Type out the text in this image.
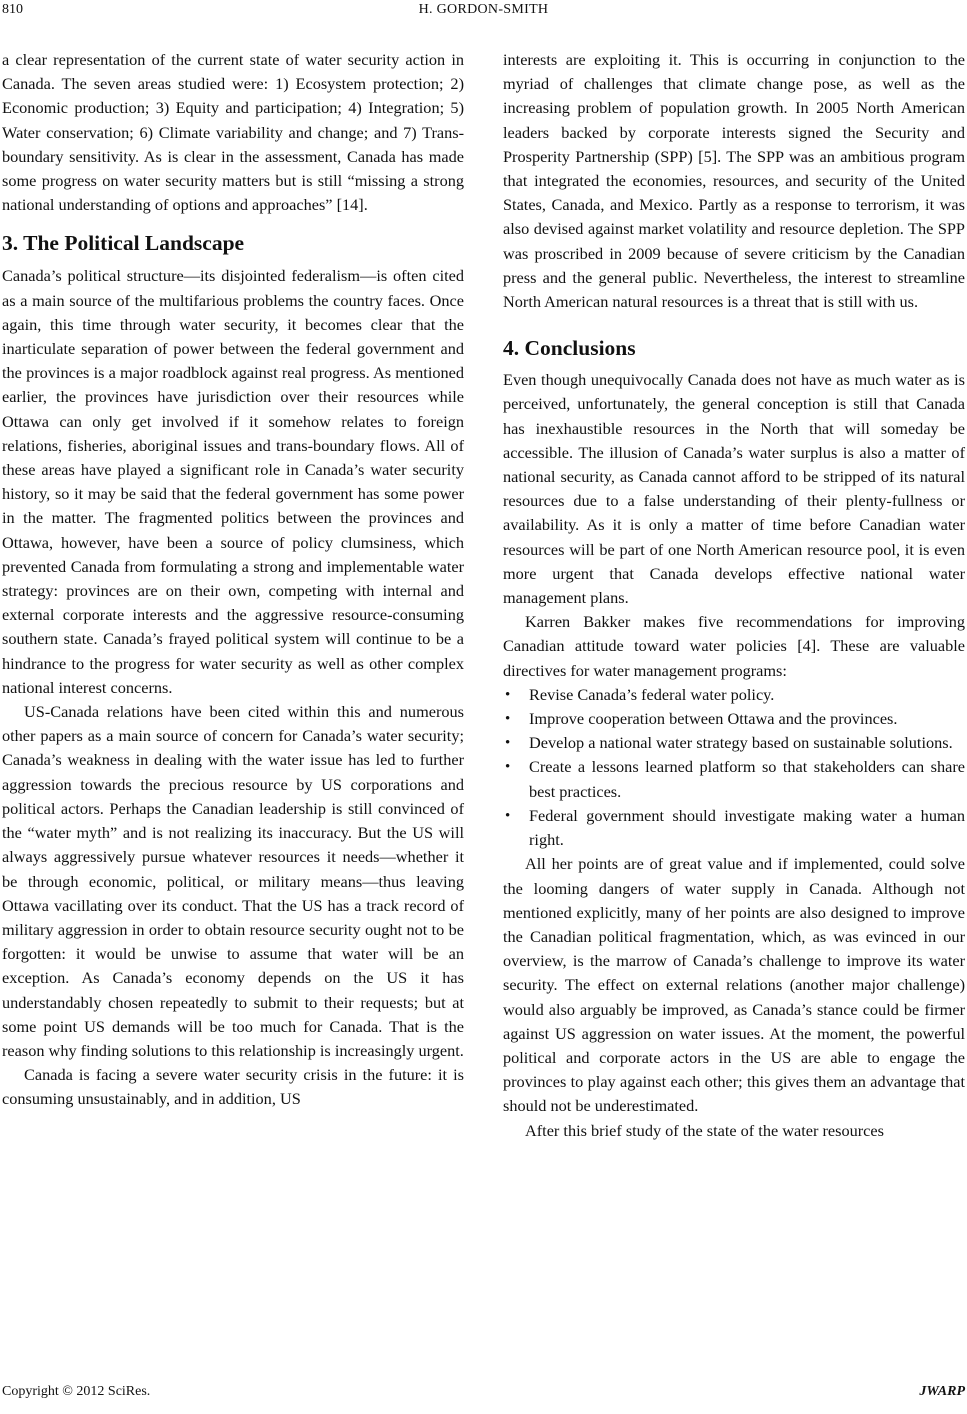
810	H. GORDON-SMITH

a clear representation of the current state of water security action in Canada. The seven areas studied were: 1) Ecosystem protection; 2) Economic production; 3) Equity and participation; 4) Integration; 5) Water conservation; 6) Climate variability and change; and 7) Trans-boundary sensitivity. As is clear in the assessment, Canada has made some progress on water security matters but is still “missing a strong national understanding of options and approaches” [14].

3. The Political Landscape

Canada’s political structure—its disjointed federalism—is often cited as a main source of the multifarious problems the country faces. Once again, this time through water security, it becomes clear that the inarticulate separation of power between the federal government and the provinces is a major roadblock against real progress. As mentioned earlier, the provinces have jurisdiction over their resources while Ottawa can only get involved if it somehow relates to foreign relations, fisheries, aboriginal issues and trans-boundary flows. All of these areas have played a significant role in Canada’s water security history, so it may be said that the federal government has some power in the matter. The fragmented politics between the provinces and Ottawa, however, have been a source of policy clumsiness, which prevented Canada from formulating a strong and implementable water strategy: provinces are on their own, competing with internal and external corporate interests and the aggressive resource-consuming southern state. Canada’s frayed political system will continue to be a hindrance to the progress for water security as well as other complex national interest concerns.

US-Canada relations have been cited within this and numerous other papers as a main source of concern for Canada’s water security; Canada’s weakness in dealing with the water issue has led to further aggression towards the precious resource by US corporations and political actors. Perhaps the Canadian leadership is still convinced of the “water myth” and is not realizing its inaccuracy. But the US will always aggressively pursue whatever resources it needs—whether it be through economic, political, or military means—thus leaving Ottawa vacillating over its conduct. That the US has a track record of military aggression in order to obtain resource security ought not to be forgotten: it would be unwise to assume that water will be an exception. As Canada’s economy depends on the US it has understandably chosen repeatedly to submit to their requests; but at some point US demands will be too much for Canada. That is the reason why finding solutions to this relationship is increasingly urgent.

Canada is facing a severe water security crisis in the future: it is consuming unsustainably, and in addition, US

interests are exploiting it. This is occurring in conjunction to the myriad of challenges that climate change pose, as well as the increasing problem of population growth. In 2005 North American leaders backed by corporate interests signed the Security and Prosperity Partnership (SPP) [5]. The SPP was an ambitious program that integrated the economies, resources, and security of the United States, Canada, and Mexico. Partly as a response to terrorism, it was also devised against market volatility and resource depletion. The SPP was proscribed in 2009 because of severe criticism by the Canadian press and the general public. Nevertheless, the interest to streamline North American natural resources is a threat that is still with us.

4. Conclusions

Even though unequivocally Canada does not have as much water as is perceived, unfortunately, the general conception is still that Canada has inexhaustible resources in the North that will someday be accessible. The illusion of Canada’s water surplus is also a matter of national security, as Canada cannot afford to be stripped of its natural resources due to a false understanding of their plenty-fullness or availability. As it is only a matter of time before Canadian water resources will be part of one North American resource pool, it is even more urgent that Canada develops effective national water management plans.

Karren Bakker makes five recommendations for improving Canadian attitude toward water policies [4]. These are valuable directives for water management programs:

• Revise Canada’s federal water policy.
• Improve cooperation between Ottawa and the provinces.
• Develop a national water strategy based on sustainable solutions.
• Create a lessons learned platform so that stakeholders can share best practices.
• Federal government should investigate making water a human right.

All her points are of great value and if implemented, could solve the looming dangers of water supply in Canada. Although not mentioned explicitly, many of her points are also designed to improve the Canadian political fragmentation, which, as was evinced in our overview, is the marrow of Canada’s challenge to improve its water security. The effect on external relations (another major challenge) would also arguably be improved, as Canada’s stance could be firmer against US aggression on water issues. At the moment, the powerful political and corporate actors in the US are able to engage the provinces to play against each other; this gives them an advantage that should not be underestimated.

After this brief study of the state of the water resources

Copyright © 2012 SciRes.	JWARP
